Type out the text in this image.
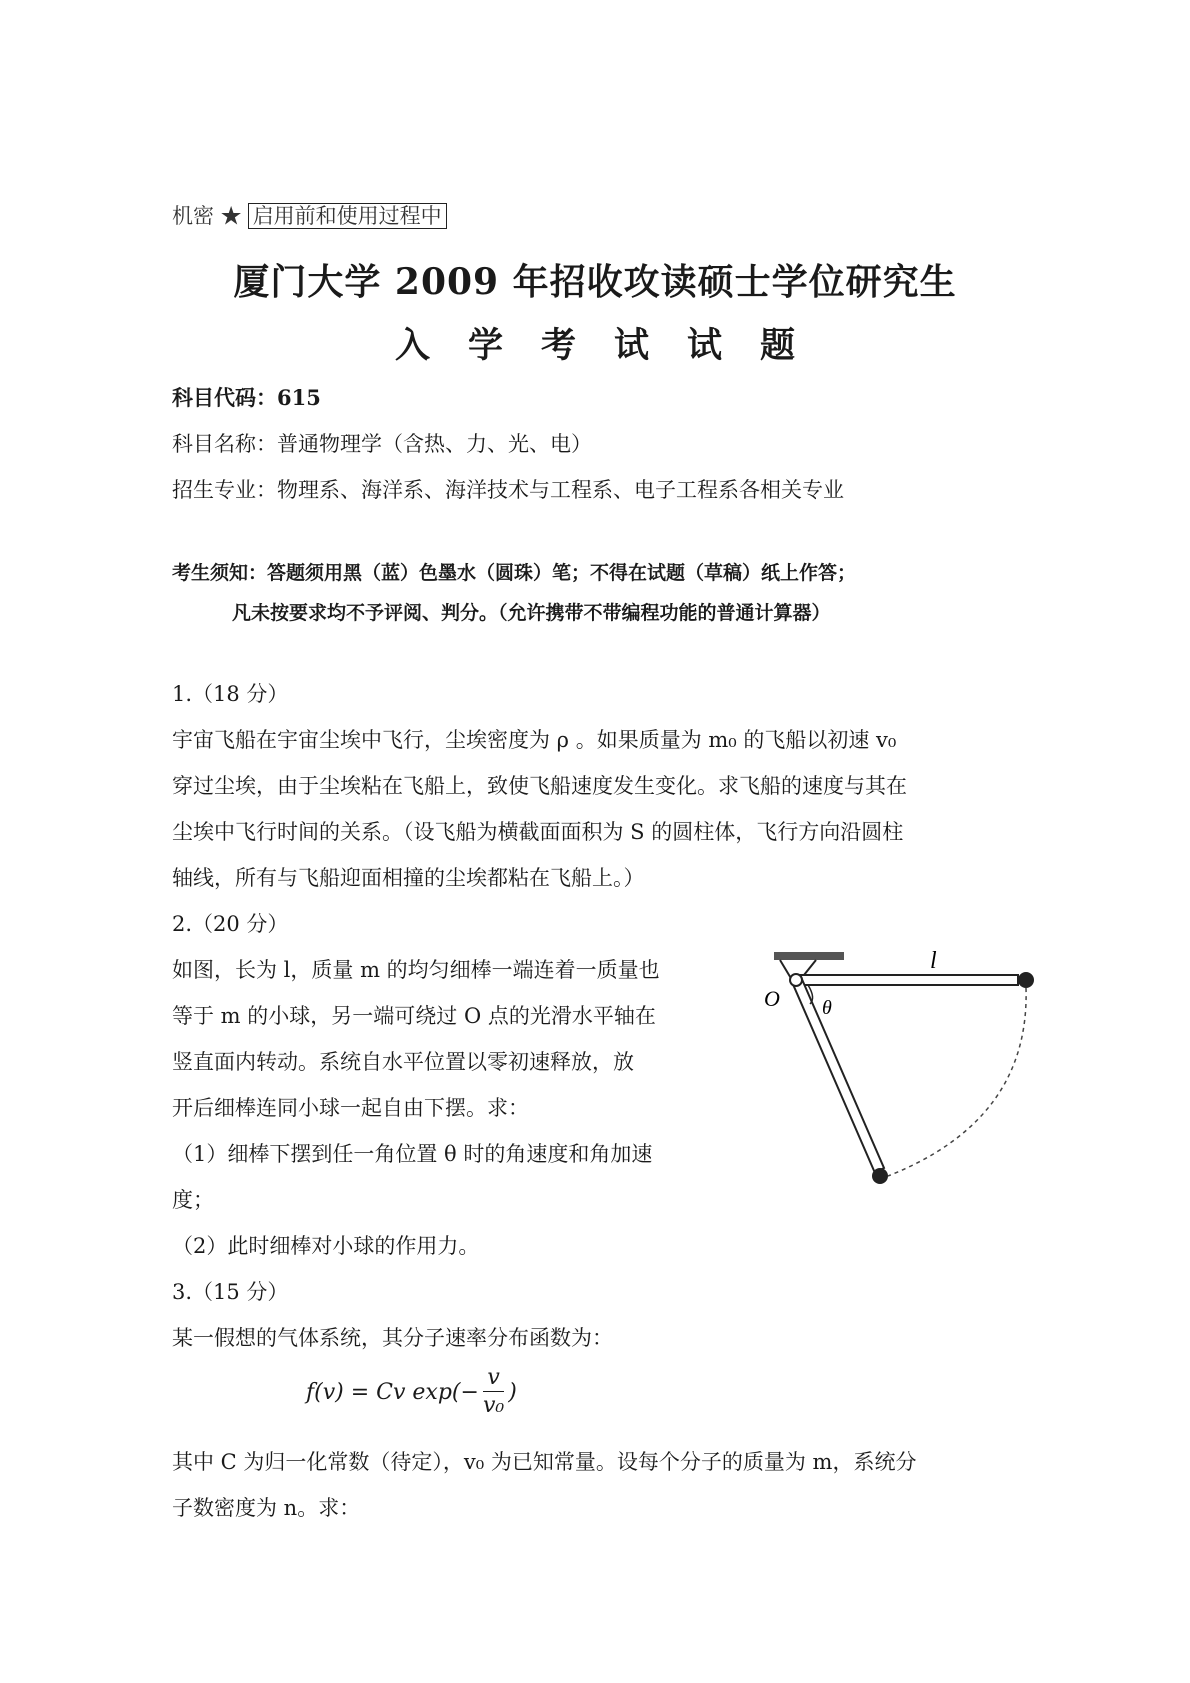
机密 ★ 启用前和使用过程中
厦门大学 2009 年招收攻读硕士学位研究生
入学考试试题
科目代码：615
科目名称：普通物理学（含热、力、光、电）
招生专业：物理系、海洋系、海洋技术与工程系、电子工程系各相关专业
考生须知：答题须用黑（蓝）色墨水（圆珠）笔；不得在试题（草稿）纸上作答；
凡未按要求均不予评阅、判分。（允许携带不带编程功能的普通计算器）
1.（18 分）
宇宙飞船在宇宙尘埃中飞行，尘埃密度为 ρ 。如果质量为 m₀ 的飞船以初速 v₀
穿过尘埃，由于尘埃粘在飞船上，致使飞船速度发生变化。求飞船的速度与其在
尘埃中飞行时间的关系。（设飞船为横截面面积为 S 的圆柱体，飞行方向沿圆柱
轴线，所有与飞船迎面相撞的尘埃都粘在飞船上。）
2.（20 分）
如图，长为 l，质量 m 的均匀细棒一端连着一质量也
等于 m 的小球，另一端可绕过 O 点的光滑水平轴在
竖直面内转动。系统自水平位置以零初速释放，放
开后细棒连同小球一起自由下摆。求：
（1）细棒下摆到任一角位置 θ 时的角速度和角加速
度；
（2）此时细棒对小球的作用力。
l
O θ
3.（15 分）
某一假想的气体系统，其分子速率分布函数为：
f(v) = Cv $\exp(- \frac{v}{\text{v₀}}$ )
其中 C 为归一化常数（待定），v₀ 为已知常量。设每个分子的质量为 m，系统分
子数密度为 n。求：
